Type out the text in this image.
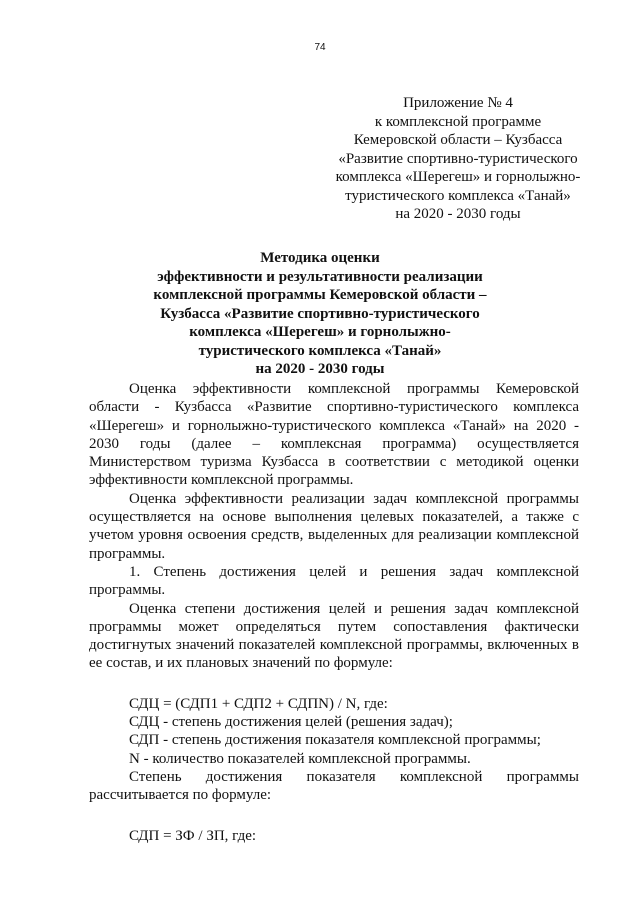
74
Приложение № 4
к комплексной программе
Кемеровской области – Кузбасса
«Развитие спортивно-туристического
комплекса «Шерегеш» и горнолыжно-
туристического комплекса «Танай»
на 2020 - 2030 годы
Методика оценки
эффективности и результативности реализации
комплексной программы Кемеровской области –
Кузбасса «Развитие спортивно-туристического
комплекса «Шерегеш» и горнолыжно-
туристического комплекса «Танай»
на 2020 - 2030 годы

Оценка эффективности комплексной программы Кемеровской области - Кузбасса «Развитие спортивно-туристического комплекса «Шерегеш» и горнолыжно-туристического комплекса «Танай» на 2020 - 2030 годы (далее – комплексная программа) осуществляется Министерством туризма Кузбасса в соответствии с методикой оценки эффективности комплексной программы.

Оценка эффективности реализации задач комплексной программы осуществляется на основе выполнения целевых показателей, а также с учетом уровня освоения средств, выделенных для реализации комплексной программы.

1. Степень достижения целей и решения задач комплексной программы.

Оценка степени достижения целей и решения задач комплексной программы может определяться путем сопоставления фактически достигнутых значений показателей комплексной программы, включенных в ее состав, и их плановых значений по формуле:

СДЦ = (СДП1 + СДП2 + СДПN) / N, где:

СДЦ - степень достижения целей (решения задач);

СДП - степень достижения показателя комплексной программы;

N - количество показателей комплексной программы.

Степень достижения показателя комплексной программы рассчитывается по формуле:

СДП = ЗФ / ЗП, где:
